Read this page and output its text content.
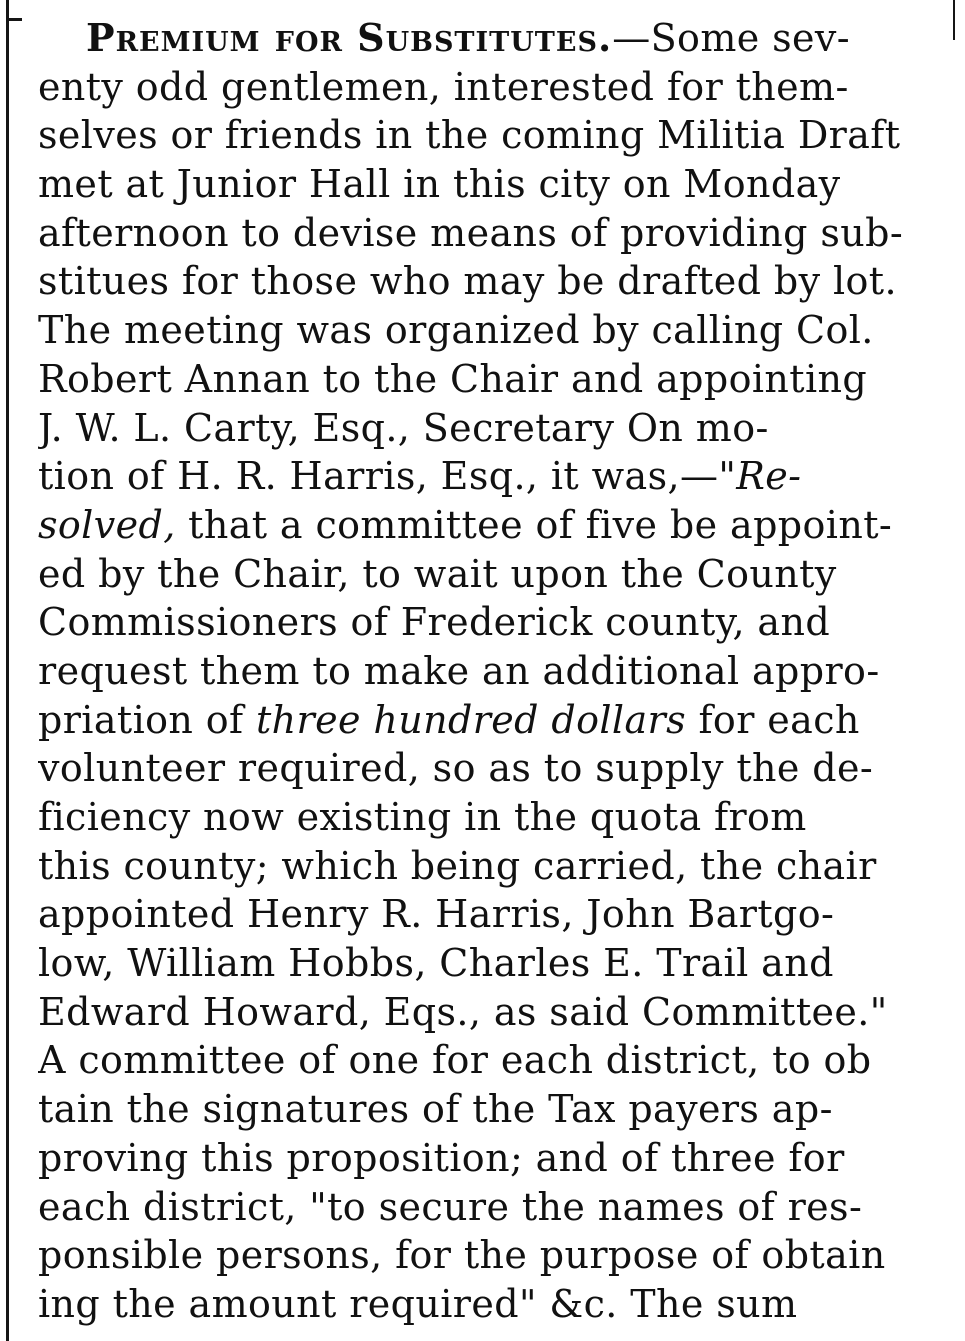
Premium for Substitutes.—Some sev-
enty odd gentlemen, interested for them-
selves or friends in the coming Militia Draft
met at Junior Hall in this city on Monday
afternoon to devise means of providing sub-
stitues for those who may be drafted by lot.
The meeting was organized by calling Col.
Robert Annan to the Chair and appointing
J. W. L. Carty, Esq., Secretary On mo-
tion of H. R. Harris, Esq., it was,—"Re-
solved, that a committee of five be appoint-
ed by the Chair, to wait upon the County
Commissioners of Frederick county, and
request them to make an additional appro-
priation of three hundred dollars for each
volunteer required, so as to supply the de-
ficiency now existing in the quota from
this county; which being carried, the chair
appointed Henry R. Harris, John Bartgo-
low, William Hobbs, Charles E. Trail and
Edward Howard, Eqs., as said Committee."
A committee of one for each district, to ob
tain the signatures of the Tax payers ap-
proving this proposition; and of three for
each district, "to secure the names of res-
ponsible persons, for the purpose of obtain
ing the amount required" &c. The sum
